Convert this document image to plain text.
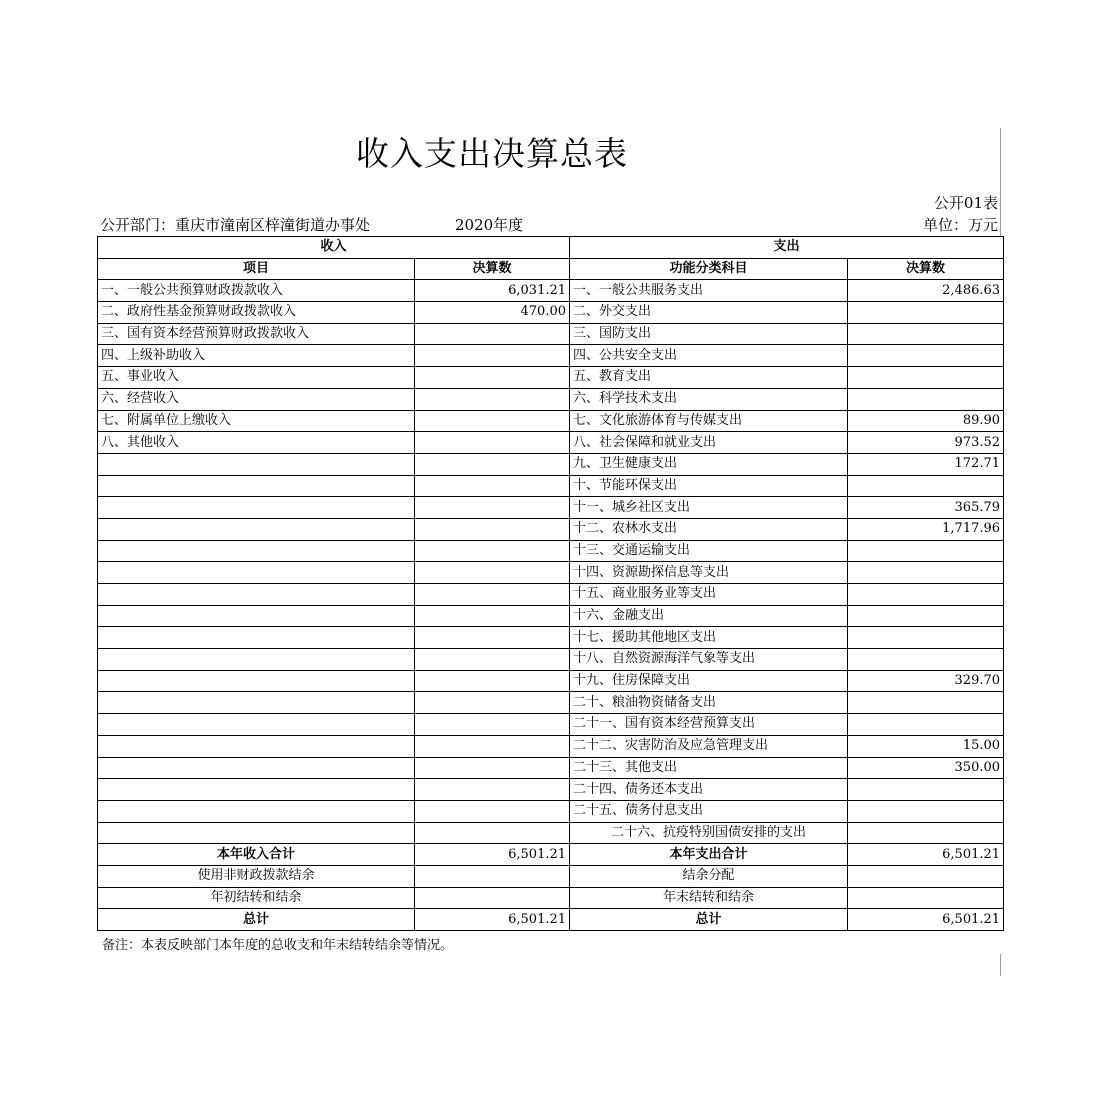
收入支出决算总表
公开01表
公开部门：重庆市潼南区梓潼街道办事处	2020年度	单位：万元
收入		支出	
项目	决算数	功能分类科目	决算数
一、一般公共预算财政拨款收入	6,031.21	一、一般公共服务支出	2,486.63
二、政府性基金预算财政拨款收入	470.00	二、外交支出	
三、国有资本经营预算财政拨款收入		三、国防支出	
四、上级补助收入		四、公共安全支出	
五、事业收入		五、教育支出	
六、经营收入		六、科学技术支出	
七、附属单位上缴收入		七、文化旅游体育与传媒支出	89.90
八、其他收入		八、社会保障和就业支出	973.52
		九、卫生健康支出	172.71
		十、节能环保支出	
		十一、城乡社区支出	365.79
		十二、农林水支出	1,717.96
		十三、交通运输支出	
		十四、资源勘探信息等支出	
		十五、商业服务业等支出	
		十六、金融支出	
		十七、援助其他地区支出	
		十八、自然资源海洋气象等支出	
		十九、住房保障支出	329.70
		二十、粮油物资储备支出	
		二十一、国有资本经营预算支出	
		二十二、灾害防治及应急管理支出	15.00
		二十三、其他支出	350.00
		二十四、债务还本支出	
		二十五、债务付息支出	
		二十六、抗疫特别国债安排的支出	
本年收入合计	6,501.21	本年支出合计	6,501.21
使用非财政拨款结余		结余分配	
年初结转和结余		年末结转和结余	
总计	6,501.21	总计	6,501.21
备注：本表反映部门本年度的总收支和年末结转结余等情况。
